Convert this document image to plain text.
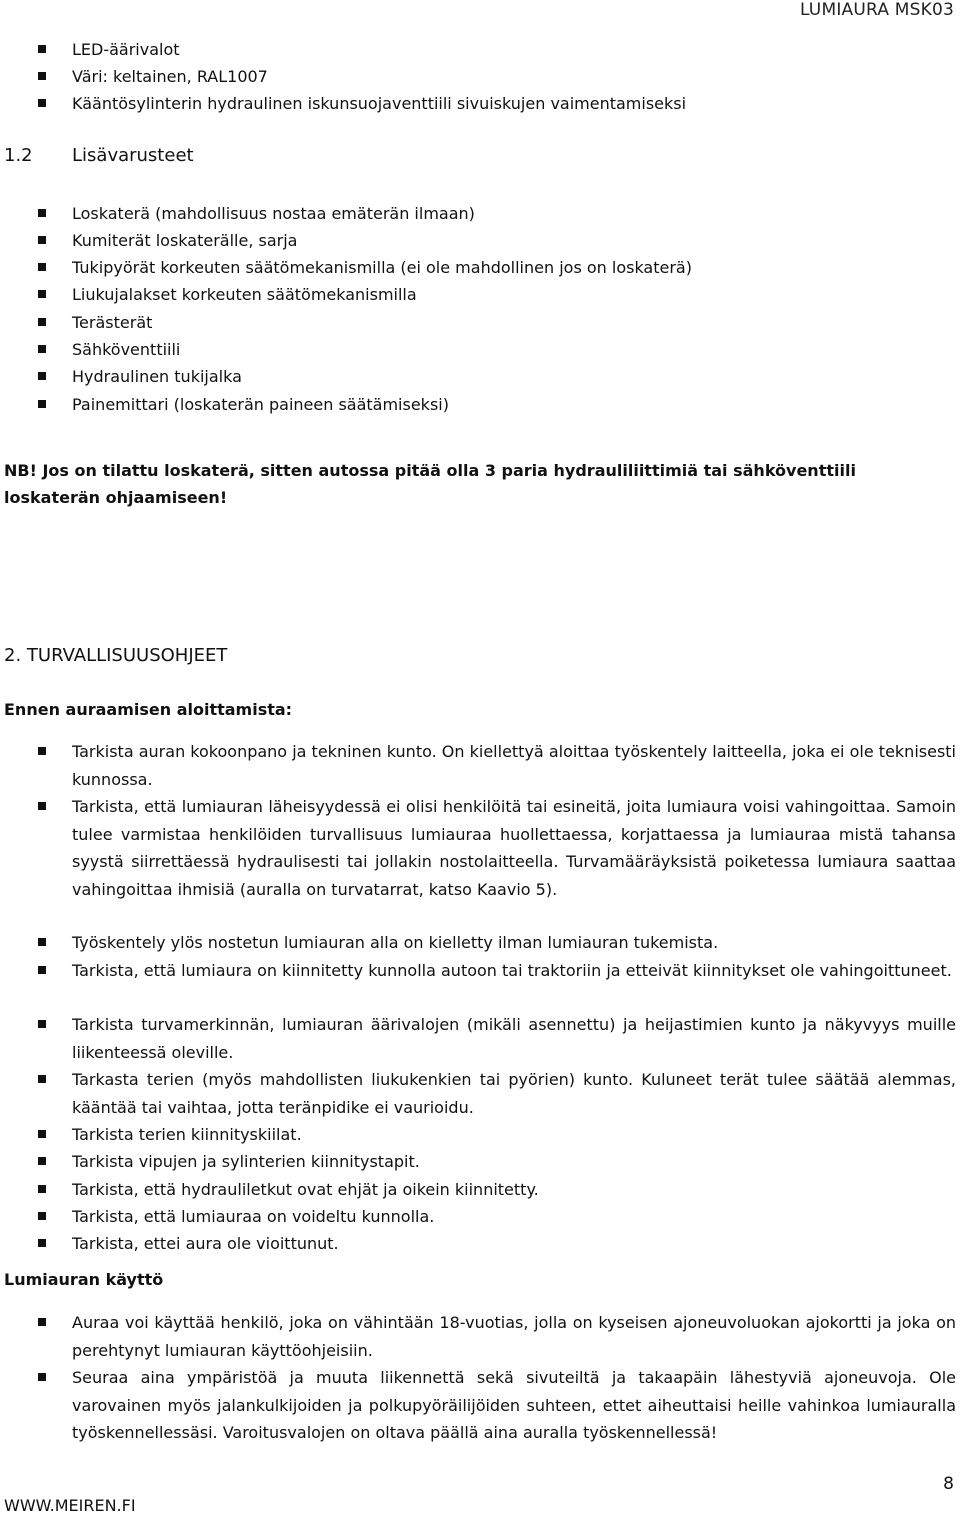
LUMIAURA MSK03
LED-äärivalot
Väri: keltainen, RAL1007
Kääntösylinterin hydraulinen iskunsuojaventtiili sivuiskujen vaimentamiseksi
1.2 Lisävarusteet
Loskaterä (mahdollisuus nostaa emäterän ilmaan)
Kumiterät loskaterälle, sarja
Tukipyörät korkeuten säätömekanismilla (ei ole mahdollinen jos on loskaterä)
Liukujalakset korkeuten säätömekanismilla
Terästerät
Sähköventtiili
Hydraulinen tukijalka
Painemittari (loskaterän paineen säätämiseksi)
NB! Jos on tilattu loskaterä, sitten autossa pitää olla 3 paria hydrauliliittimiä tai sähköventtiili loskaterän ohjaamiseen!
2. TURVALLISUUSOHJEET
Ennen auraamisen aloittamista:
Tarkista auran kokoonpano ja tekninen kunto. On kiellettyä aloittaa työskentely laitteella, joka ei ole teknisesti kunnossa.
Tarkista, että lumiauran läheisyydessä ei olisi henkilöitä tai esineitä, joita lumiaura voisi vahingoittaa. Samoin tulee varmistaa henkilöiden turvallisuus lumiauraa huollettaessa, korjattaessa ja lumiauraa mistä tahansa syystä siirrettäessä hydraulisesti tai jollakin nostolaitteella. Turvamääräyksistä poiketessa lumiaura saattaa vahingoittaa ihmisiä (auralla on turvatarrat, katso Kaavio 5).
Työskentely ylös nostetun lumiauran alla on kielletty ilman lumiauran tukemista.
Tarkista, että lumiaura on kiinnitetty kunnolla autoon tai traktoriin ja etteivät kiinnitykset ole vahingoittuneet.
Tarkista turvamerkinnän, lumiauran äärivalojen (mikäli asennettu) ja heijastimien kunto ja näkyvyys muille liikenteessä oleville.
Tarkasta terien (myös mahdollisten liukukenkien tai pyörien) kunto. Kuluneet terät tulee säätää alemmas, kääntää tai vaihtaa, jotta teränpidike ei vaurioidu.
Tarkista terien kiinnityskiilat.
Tarkista vipujen ja sylinterien kiinnitystapit.
Tarkista, että hydrauliletkut ovat ehjät ja oikein kiinnitetty.
Tarkista, että lumiauraa on voideltu kunnolla.
Tarkista, ettei aura ole vioittunut.
Lumiauran käyttö
Auraa voi käyttää henkilö, joka on vähintään 18-vuotias, jolla on kyseisen ajoneuvoluokan ajokortti ja joka on perehtynyt lumiauran käyttöohjeisiin.
Seuraa aina ympäristöä ja muuta liikennettä sekä sivuteiltä ja takaapäin lähestyviä ajoneuvoja. Ole varovainen myös jalankulkijoiden ja polkupyöräilijöiden suhteen, ettet aiheuttaisi heille vahinkoa lumiauralla työskennellessäsi. Varoitusvalojen on oltava päällä aina auralla työskennellessä!
8
WWW.MEIREN.FI
